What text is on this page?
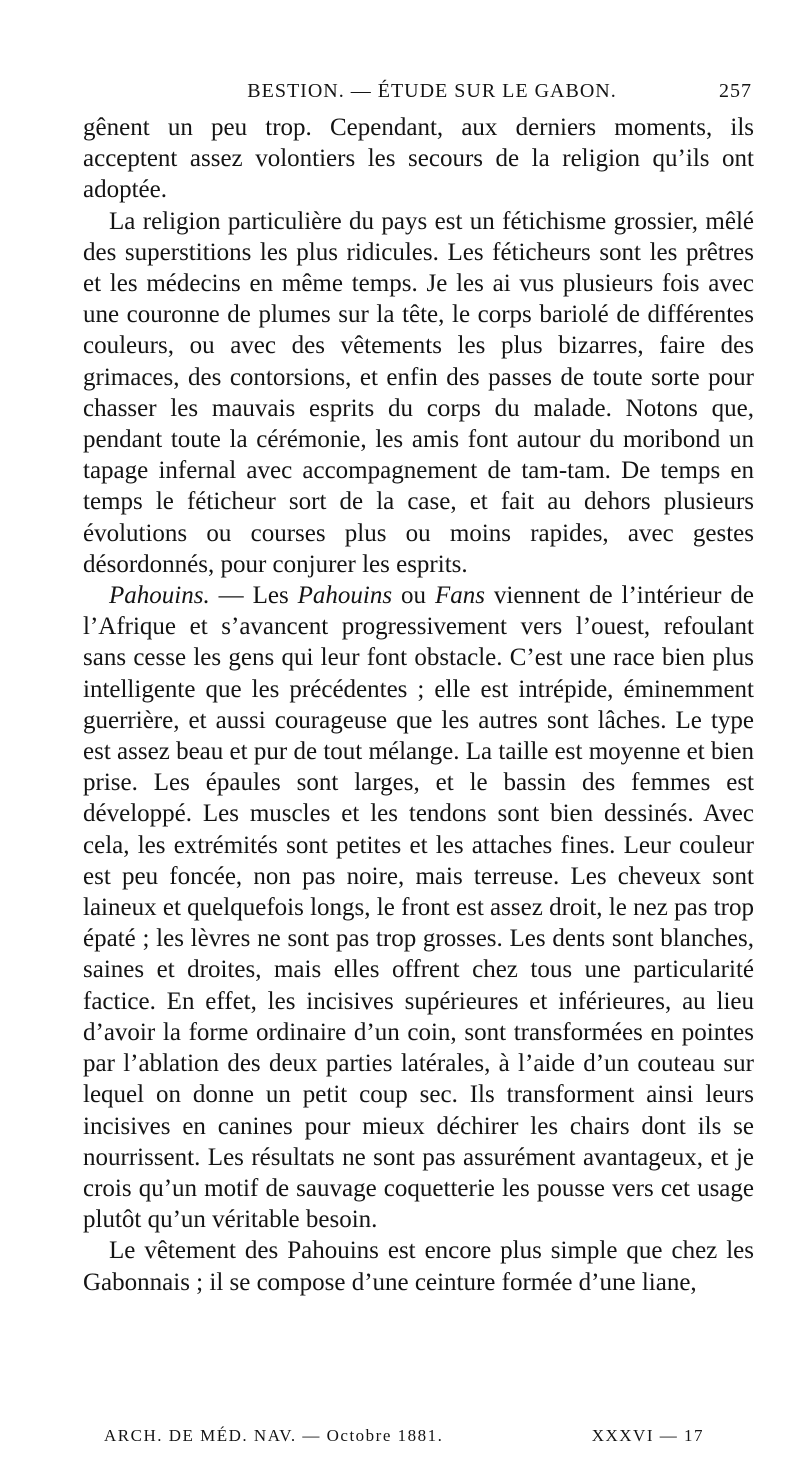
BESTION. — ÉTUDE SUR LE GABON.	257

gênent un peu trop. Cependant, aux derniers moments, ils acceptent assez volontiers les secours de la religion qu’ils ont adoptée.

La religion particulière du pays est un fétichisme grossier, mêlé des superstitions les plus ridicules. Les féticheurs sont les prêtres et les médecins en même temps. Je les ai vus plusieurs fois avec une couronne de plumes sur la tête, le corps bariolé de différentes couleurs, ou avec des vêtements les plus bizarres, faire des grimaces, des contorsions, et enfin des passes de toute sorte pour chasser les mauvais esprits du corps du malade. Notons que, pendant toute la cérémonie, les amis font autour du moribond un tapage infernal avec accompagnement de tam-tam. De temps en temps le féticheur sort de la case, et fait au dehors plusieurs évolutions ou courses plus ou moins rapides, avec gestes désordonnés, pour conjurer les esprits.

Pahouins. — Les Pahouins ou Fans viennent de l’intérieur de l’Afrique et s’avancent progressivement vers l’ouest, refoulant sans cesse les gens qui leur font obstacle. C’est une race bien plus intelligente que les précédentes ; elle est intrépide, éminemment guerrière, et aussi courageuse que les autres sont lâches. Le type est assez beau et pur de tout mélange. La taille est moyenne et bien prise. Les épaules sont larges, et le bassin des femmes est développé. Les muscles et les tendons sont bien dessinés. Avec cela, les extrémités sont petites et les attaches fines. Leur couleur est peu foncée, non pas noire, mais terreuse. Les cheveux sont laineux et quelquefois longs, le front est assez droit, le nez pas trop épaté ; les lèvres ne sont pas trop grosses. Les dents sont blanches, saines et droites, mais elles offrent chez tous une particularité factice. En effet, les incisives supérieures et inférieures, au lieu d’avoir la forme ordinaire d’un coin, sont transformées en pointes par l’ablation des deux parties latérales, à l’aide d’un couteau sur lequel on donne un petit coup sec. Ils transforment ainsi leurs incisives en canines pour mieux déchirer les chairs dont ils se nourrissent. Les résultats ne sont pas assurément avantageux, et je crois qu’un motif de sauvage coquetterie les pousse vers cet usage plutôt qu’un véritable besoin.

Le vêtement des Pahouins est encore plus simple que chez les Gabonnais ; il se compose d’une ceinture formée d’une liane,

ARCH. DE MÉD. NAV. — Octobre 1881.	XXXVI — 17
